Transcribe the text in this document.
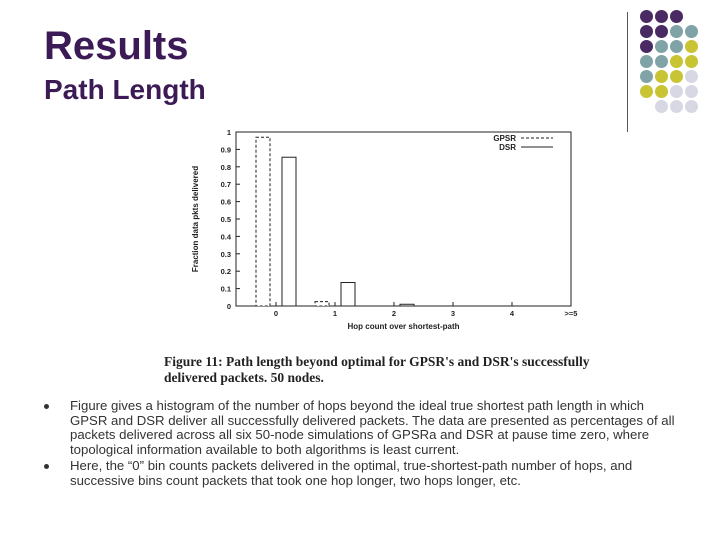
Results
Path Length
0
0.1
0.2
0.3
0.4
0.5
0.6
0.7
0.8
0.9
1
0	1	2	3	4	>=5
Hop count over shortest-path
Fraction data pkts delivered
GPSR
DSR
Figure 11: Path length beyond optimal for GPSR's and DSR's successfully delivered packets. 50 nodes.
Figure gives a histogram of the number of hops beyond the ideal true shortest path length in which GPSR and DSR deliver all successfully delivered packets. The data are presented as percentages of all packets delivered across all six 50-node simulations of GPSRa and DSR at pause time zero, where topological information available to both algorithms is least current.
Here, the “0” bin counts packets delivered in the optimal, true-shortest-path number of hops, and successive bins count packets that took one hop longer, two hops longer, etc.
